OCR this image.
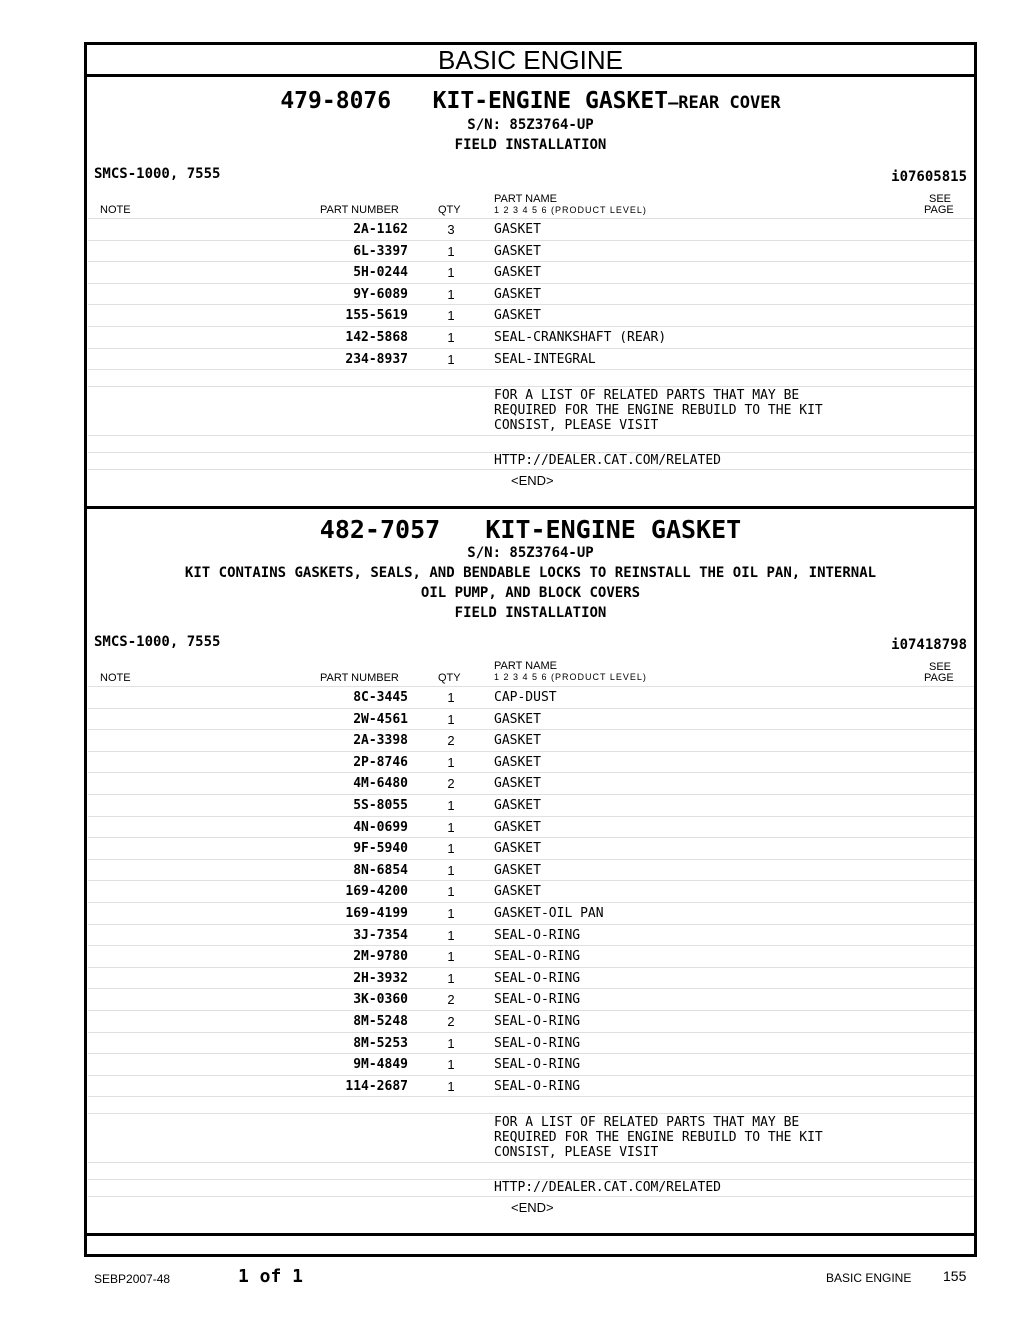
BASIC ENGINE
479-8076 KIT-ENGINE GASKET—REAR COVER
S/N: 85Z3764-UP
FIELD INSTALLATION
SMCS-1000, 7555	i07605815
NOTE	PART NUMBER	QTY
PART NAME
1 2 3 4 5 6 (PRODUCT LEVEL)
SEE
PAGE
2A-1162	3	GASKET
6L-3397	1	GASKET
5H-0244	1	GASKET
9Y-6089	1	GASKET
155-5619	1	GASKET
142-5868	1	SEAL-CRANKSHAFT (REAR)
234-8937	1	SEAL-INTEGRAL
FOR A LIST OF RELATED PARTS THAT MAY BE
REQUIRED FOR THE ENGINE REBUILD TO THE KIT
CONSIST, PLEASE VISIT
HTTP://DEALER.CAT.COM/RELATED
<END>
482-7057 KIT-ENGINE GASKET
S/N: 85Z3764-UP
KIT CONTAINS GASKETS, SEALS, AND BENDABLE LOCKS TO REINSTALL THE OIL PAN, INTERNAL
OIL PUMP, AND BLOCK COVERS
FIELD INSTALLATION
SMCS-1000, 7555	i07418798
NOTE	PART NUMBER	QTY
PART NAME
1 2 3 4 5 6 (PRODUCT LEVEL)
SEE
PAGE
8C-3445	1	CAP-DUST
2W-4561	1	GASKET
2A-3398	2	GASKET
2P-8746	1	GASKET
4M-6480	2	GASKET
5S-8055	1	GASKET
4N-0699	1	GASKET
9F-5940	1	GASKET
8N-6854	1	GASKET
169-4200	1	GASKET
169-4199	1	GASKET-OIL PAN
3J-7354	1	SEAL-O-RING
2M-9780	1	SEAL-O-RING
2H-3932	1	SEAL-O-RING
3K-0360	2	SEAL-O-RING
8M-5248	2	SEAL-O-RING
8M-5253	1	SEAL-O-RING
9M-4849	1	SEAL-O-RING
114-2687	1	SEAL-O-RING
FOR A LIST OF RELATED PARTS THAT MAY BE
REQUIRED FOR THE ENGINE REBUILD TO THE KIT
CONSIST, PLEASE VISIT
HTTP://DEALER.CAT.COM/RELATED
<END>
SEBP2007-48	1 of 1	BASIC ENGINE 155
